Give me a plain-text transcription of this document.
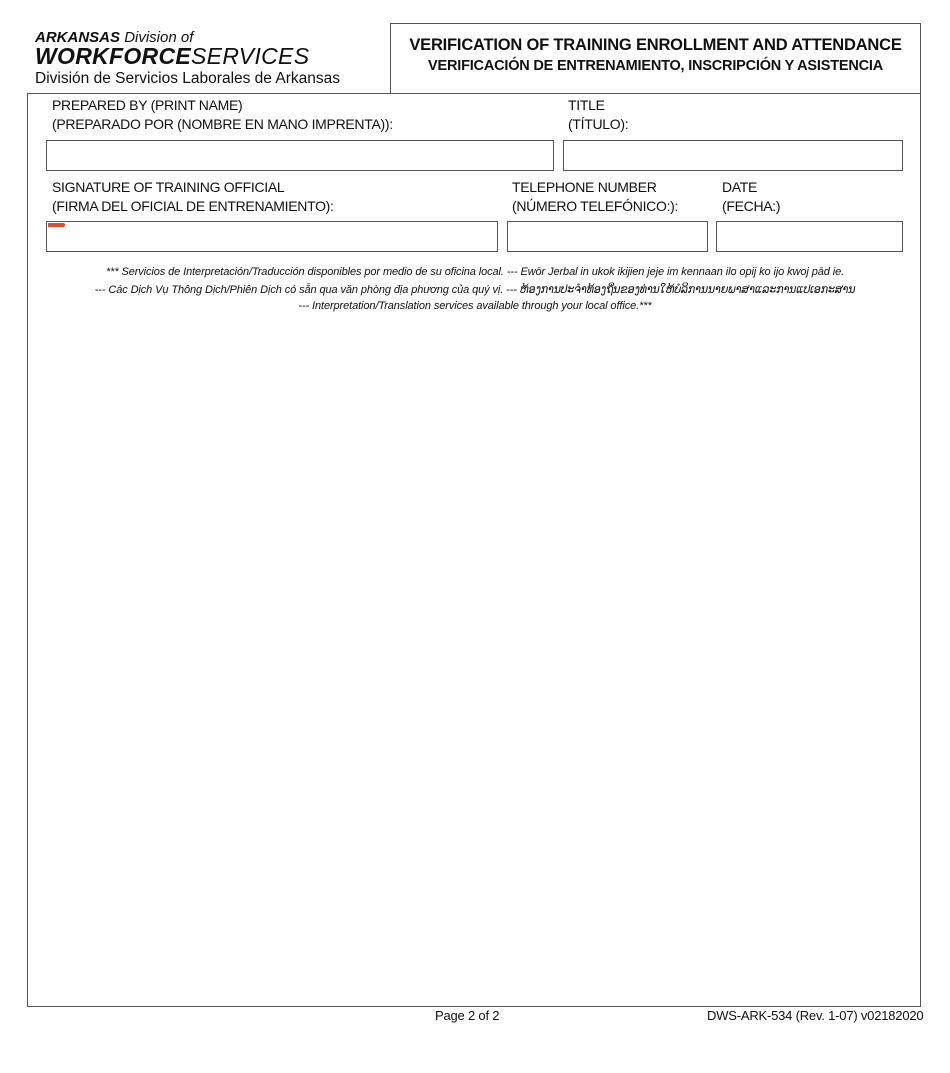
ARKANSAS Division of
WORKFORCESERVICES
División de Servicios Laborales de Arkansas
VERIFICATION OF TRAINING ENROLLMENT AND ATTENDANCE
VERIFICACIÓN DE ENTRENAMIENTO, INSCRIPCIÓN Y ASISTENCIA
PREPARED BY (PRINT NAME)
(PREPARADO POR (NOMBRE EN MANO IMPRENTA)):
TITLE
(TÍTULO):
SIGNATURE OF TRAINING OFFICIAL
(FIRMA DEL OFICIAL DE ENTRENAMIENTO):
TELEPHONE NUMBER
(NÚMERO TELEFÓNICO:):
DATE
(FECHA:)
*** Servicios de Interpretación/Traducción disponibles por medio de su oficina local. --- Ewōr Jerbal in ukok ikijien jeje im kennaan ilo opij ko ijo kwoj pād ie.
--- Các Dịch Vụ Thông Dịch/Phiên Dịch có sẵn qua văn phòng địa phương của quý vị. --- ຫ້ອງການປະຈຳທ້ອງຖິ່ນຂອງທ່ານໃຫ້ບໍລິການນາຍພາສາແລະການແປເອກະສານ
--- Interpretation/Translation services available through your local office.***
Page 2 of 2	DWS-ARK-534 (Rev. 1-07) v02182020
